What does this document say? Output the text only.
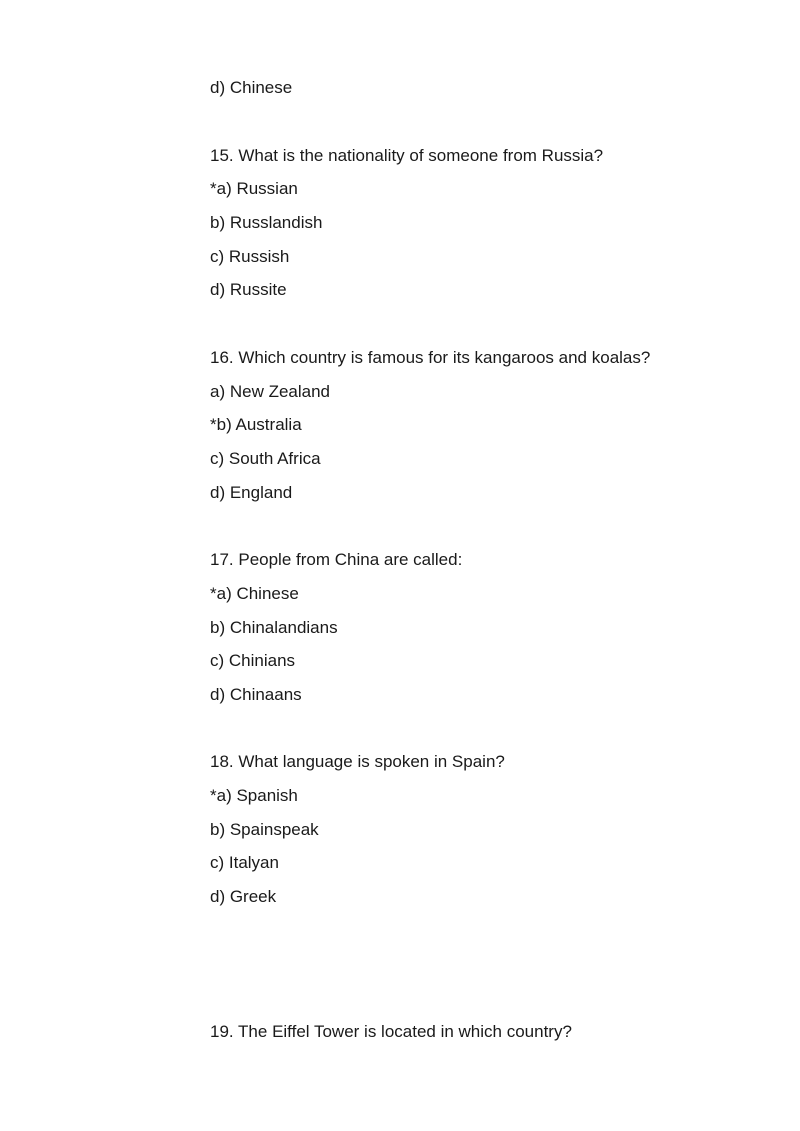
d) Chinese
15. What is the nationality of someone from Russia?
*a) Russian
b) Russlandish
c) Russish
d) Russite
16. Which country is famous for its kangaroos and koalas?
a) New Zealand
*b) Australia
c) South Africa
d) England
17. People from China are called:
*a) Chinese
b) Chinalandians
c) Chinians
d) Chinaans
18. What language is spoken in Spain?
*a) Spanish
b) Spainspeak
c) Italyan
d) Greek
19. The Eiffel Tower is located in which country?
